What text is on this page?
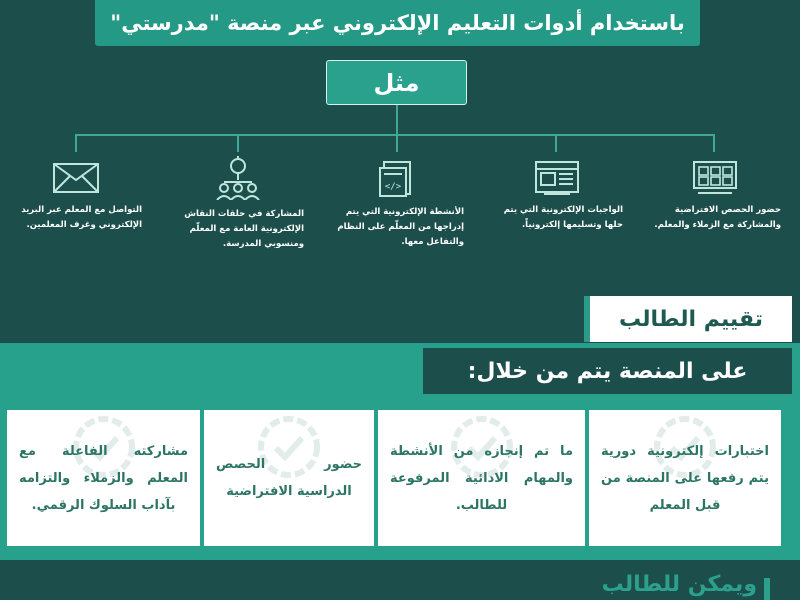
باستخدام أدوات التعليم الإلكتروني عبر منصة "مدرستي"
مثل
التواصل مع المعلم عبر البريد الإلكتروني وغرف المعلمين.
المشاركة في حلقات النقاش الإلكترونية العامة مع المعلّم ومنسوبي المدرسة.
</>
الأنشطة الإلكترونية التي يتم إدراجها من المعلّم على النظام والتفاعل معها.
الواجبات الإلكترونية التي يتم حلها وتسليمها إلكترونياً.
حضور الحصص الافتراضية والمشاركة مع الزملاء والمعلم.
تقييم الطالب
على المنصة يتم من خلال:
مشاركته الفاعلة مع المعلم والزملاء والتزامه بآداب السلوك الرقمي.
حضور الحصص الدراسية الافتراضية
ما تم إنجازه من الأنشطة والمهام الادائية المرفوعة للطالب.
اختبارات إلكترونية دورية يتم رفعها على المنصة من قبل المعلم
ويمكن للطالب
